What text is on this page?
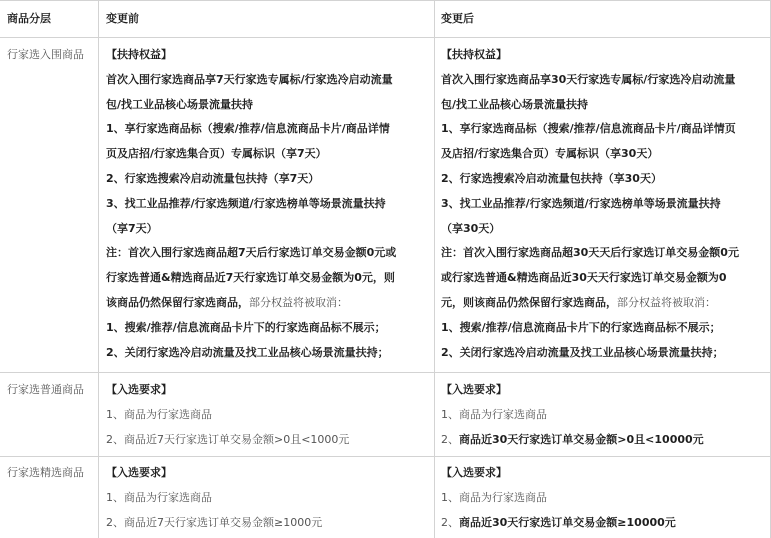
商品分层	变更前	变更后
行家选入围商品
行家选普通商品
行家选精选商品
【扶持权益】
首次入围行家选商品享7天行家选专属标/行家选冷启动流量
包/找工业品核心场景流量扶持
1、享行家选商品标（搜索/推荐/信息流商品卡片/商品详情
页及店招/行家选集合页）专属标识（享7天）
2、行家选搜索冷启动流量包扶持（享7天）
3、找工业品推荐/行家选频道/行家选榜单等场景流量扶持
（享7天）
注：首次入围行家选商品超7天后行家选订单交易金额0元或
行家选普通&精选商品近7天行家选订单交易金额为0元，则
该商品仍然保留行家选商品，部分权益将被取消：
1、搜索/推荐/信息流商品卡片下的行家选商品标不展示；
2、关闭行家选冷启动流量及找工业品核心场景流量扶持；
【扶持权益】
首次入围行家选商品享30天行家选专属标/行家选冷启动流量
包/找工业品核心场景流量扶持
1、享行家选商品标（搜索/推荐/信息流商品卡片/商品详情页
及店招/行家选集合页）专属标识（享30天）
2、行家选搜索冷启动流量包扶持（享30天）
3、找工业品推荐/行家选频道/行家选榜单等场景流量扶持
（享30天）
注：首次入围行家选商品超30天天后行家选订单交易金额0元
或行家选普通&精选商品近30天天行家选订单交易金额为0
元，则该商品仍然保留行家选商品，部分权益将被取消：
1、搜索/推荐/信息流商品卡片下的行家选商品标不展示；
2、关闭行家选冷启动流量及找工业品核心场景流量扶持；
【入选要求】
1、商品为行家选商品
2、商品近7天行家选订单交易金额>0且<1000元
【入选要求】
1、商品为行家选商品
2、商品近30天行家选订单交易金额>0且<10000元
【入选要求】
1、商品为行家选商品
2、商品近7天行家选订单交易金额≥1000元
【入选要求】
1、商品为行家选商品
2、商品近30天行家选订单交易金额≥10000元
